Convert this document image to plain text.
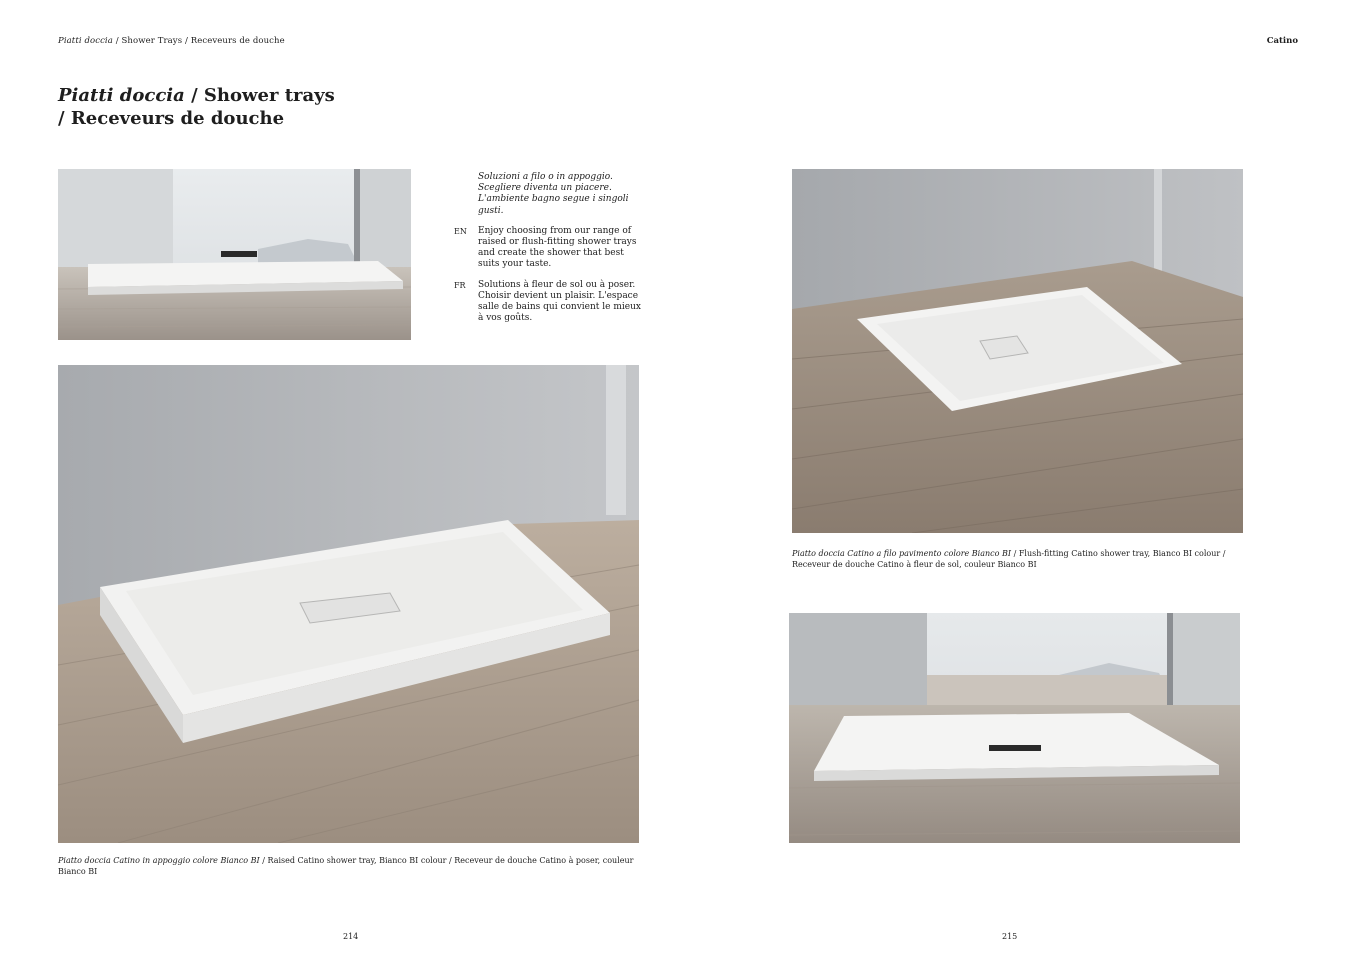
Piatti doccia / Shower Trays / Receveurs de douche	Catino
Piatti doccia / Shower trays
/ Receveurs de douche
Soluzioni a filo o in appoggio. Scegliere diventa un piacere. L'ambiente bagno segue i singoli gusti.
EN	Enjoy choosing from our range of raised or flush-fitting shower trays and create the shower that best suits your taste.
FR	Solutions à fleur de sol ou à poser. Choisir devient un plaisir. L'espace salle de bains qui convient le mieux à vos goûts.
Piatto doccia Catino in appoggio colore Bianco BI / Raised Catino shower tray, Bianco BI colour / Receveur de douche Catino à poser, couleur Bianco BI
Piatto doccia Catino a filo pavimento colore Bianco BI / Flush-fitting Catino shower tray, Bianco BI colour / Receveur de douche Catino à fleur de sol, couleur Bianco BI
214	215
